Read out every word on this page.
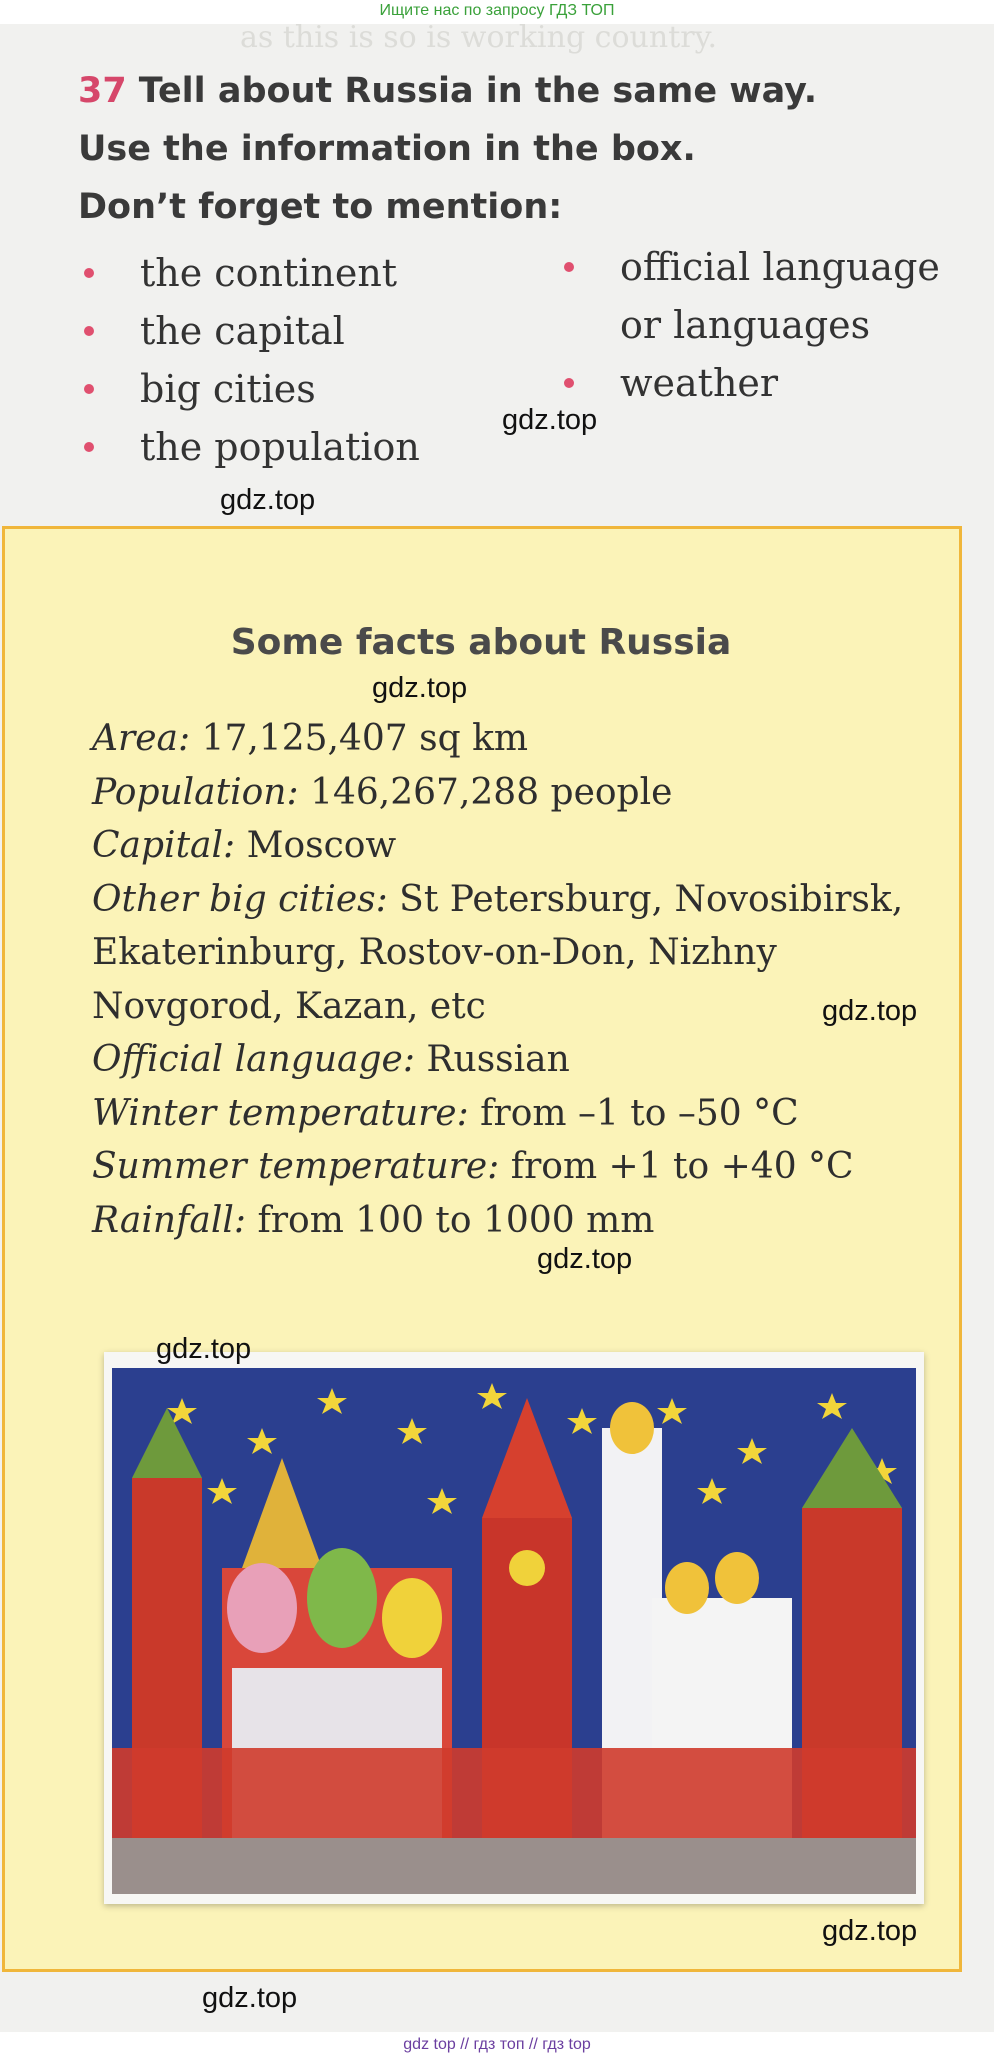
Ищите нас по запросу ГДЗ ТОП
as this is so is working country.
37 Tell about Russia in the same way.
Use the information in the box.
Don’t forget to mention:
the continent
the capital
big cities
the population
official language
or languages
weather
Some facts about Russia
Area: 17,125,407 sq km
Population: 146,267,288 people
Capital: Moscow
Other big cities: St Petersburg, Novosibirsk,
Ekaterinburg, Rostov-on-Don, Nizhny
Novgorod, Kazan, etc
Official language: Russian
Winter temperature: from –1 to –50 °C
Summer temperature: from +1 to +40 °C
Rainfall: from 100 to 1000 mm
gdz.top
gdz.top
gdz.top
gdz.top
gdz.top
gdz.top
gdz.top
gdz.top
gdz top // гдз топ // гдз top
